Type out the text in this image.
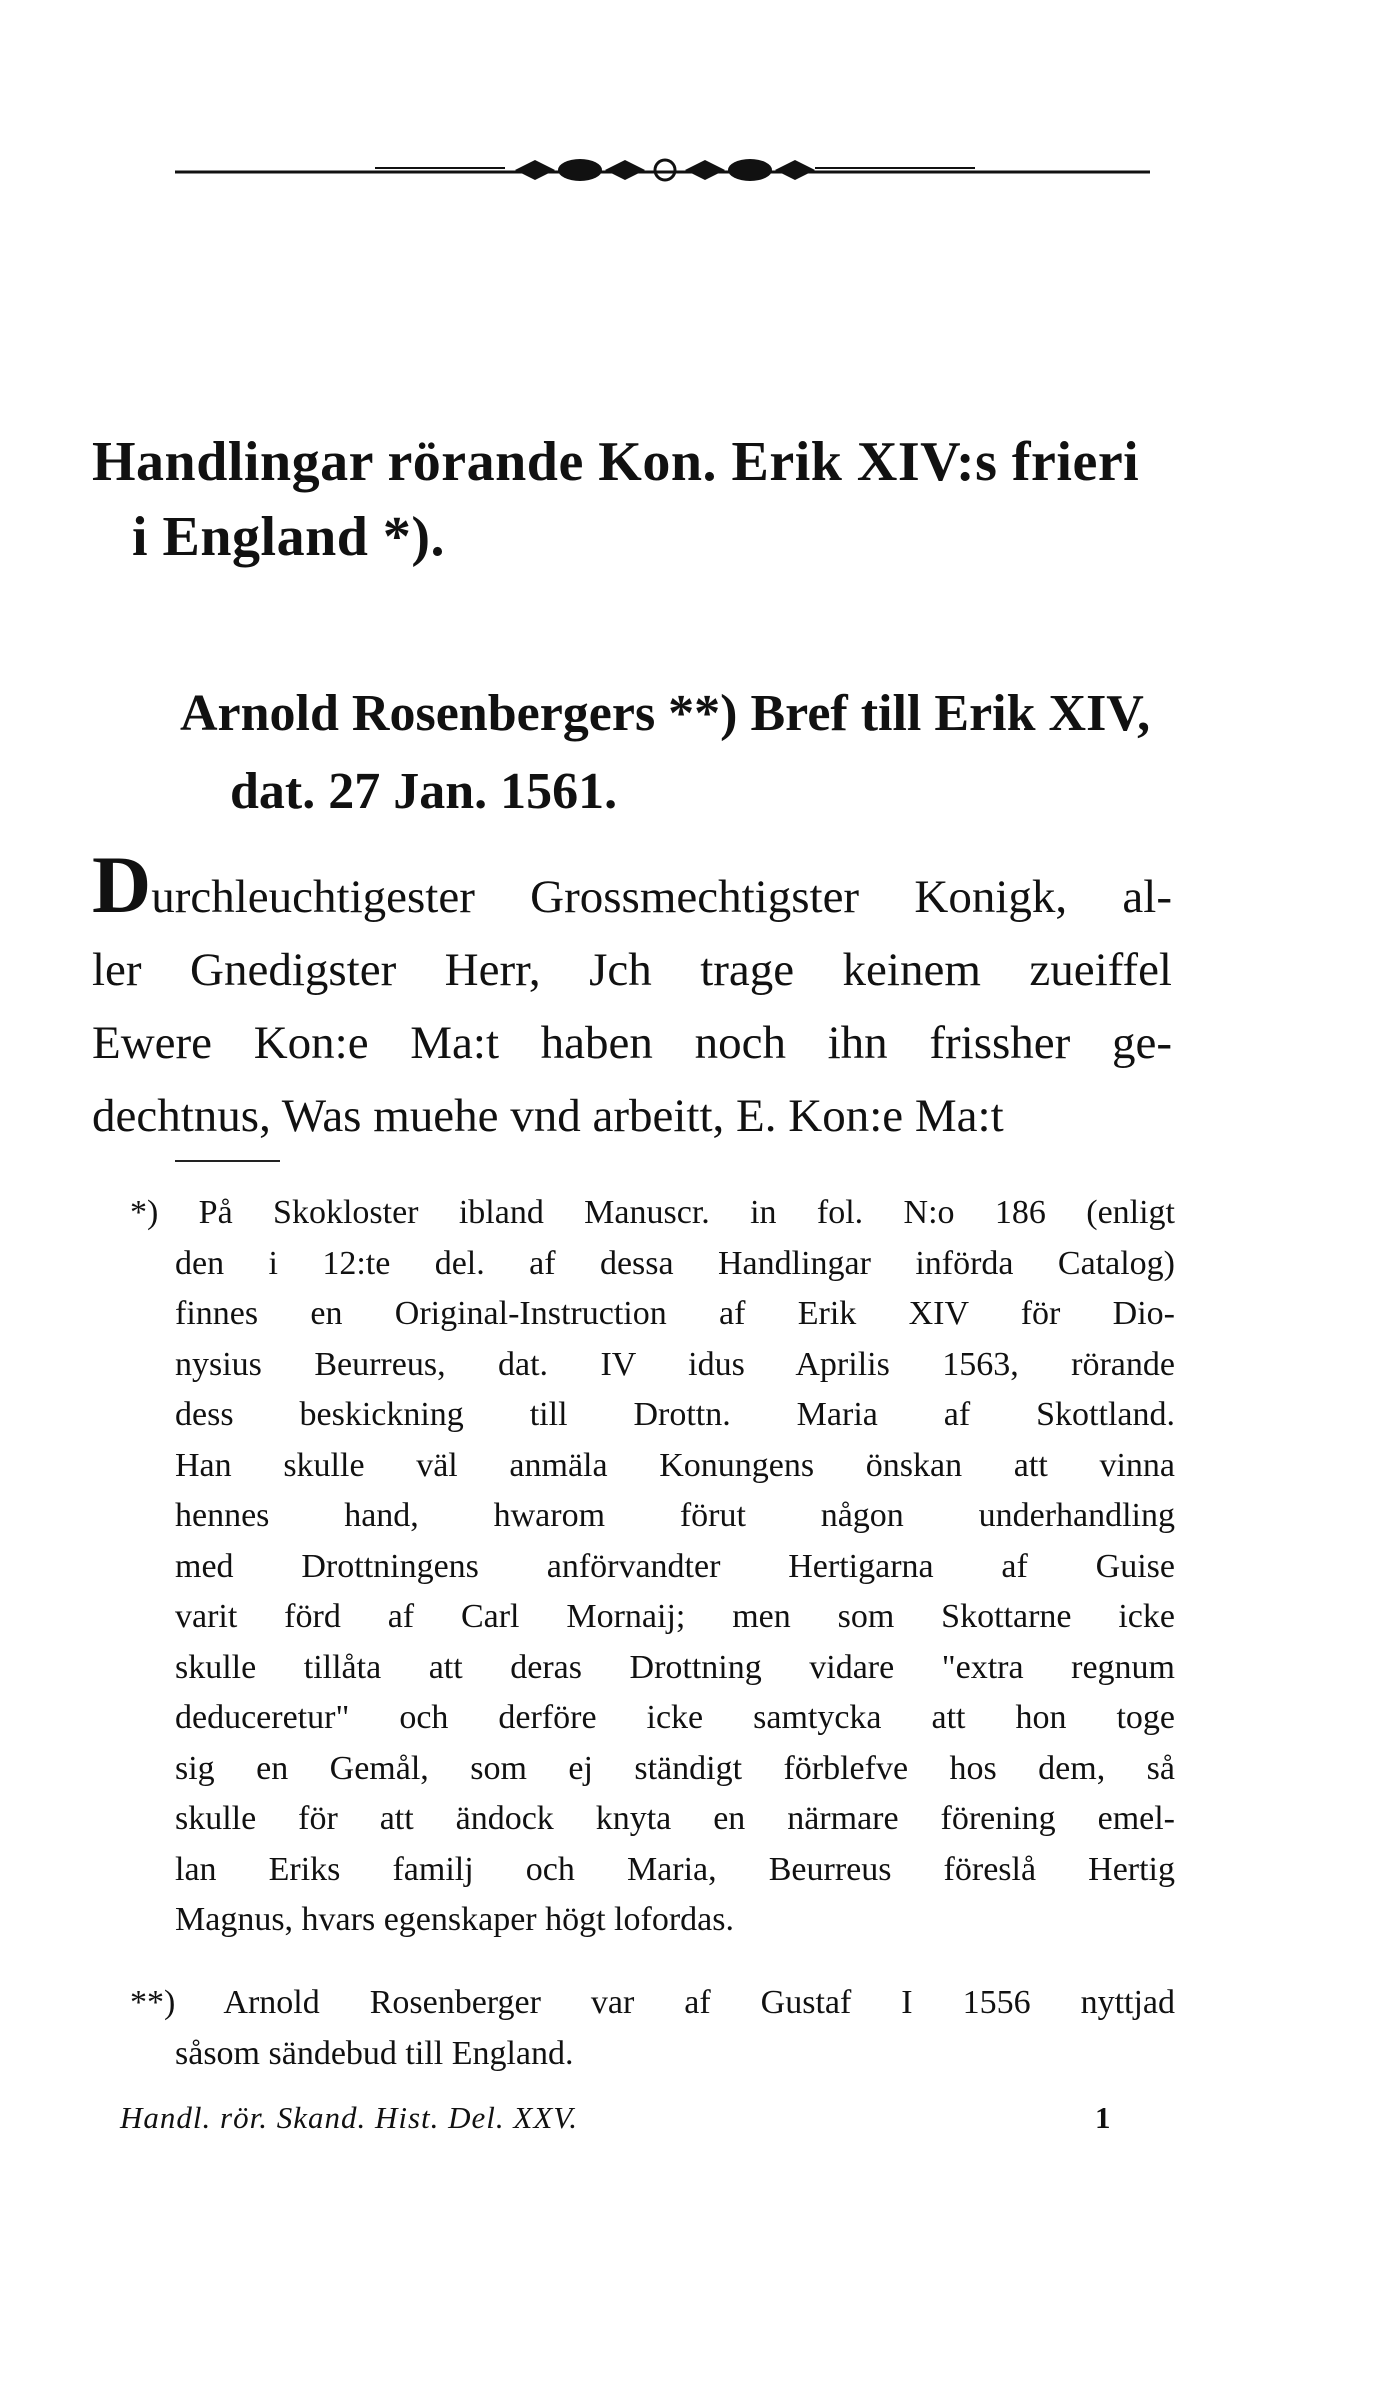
Handlingar rörande Kon. Erik XIV:s frieri
i England *).
Arnold Rosenbergers **) Bref till Erik XIV,
dat. 27 Jan. 1561.
Durchleuchtigester Grossmechtigster Konigk, al-
ler Gnedigster Herr, Jch trage keinem zueiffel
Ewere Kon:e Ma:t haben noch ihn frissher ge-
dechtnus, Was muehe vnd arbeitt, E. Kon:e Ma:t
*) På Skokloster ibland Manuscr. in fol. N:o 186 (enligt
den i 12:te del. af dessa Handlingar införda Catalog)
finnes en Original-Instruction af Erik XIV för Dio-
nysius Beurreus, dat. IV idus Aprilis 1563, rörande
dess beskickning till Drottn. Maria af Skottland.
Han skulle väl anmäla Konungens önskan att vinna
hennes hand, hwarom förut någon underhandling
med Drottningens anförvandter Hertigarna af Guise
varit förd af Carl Mornaij; men som Skottarne icke
skulle tillåta att deras Drottning vidare "extra regnum
deduceretur" och derföre icke samtycka att hon toge
sig en Gemål, som ej ständigt förblefve hos dem, så
skulle för att ändock knyta en närmare förening emel-
lan Eriks familj och Maria, Beurreus föreslå Hertig
Magnus, hvars egenskaper högt lofordas.
**) Arnold Rosenberger var af Gustaf I 1556 nyttjad
såsom sändebud till England.
Handl. rör. Skand. Hist. Del. XXV.	1
